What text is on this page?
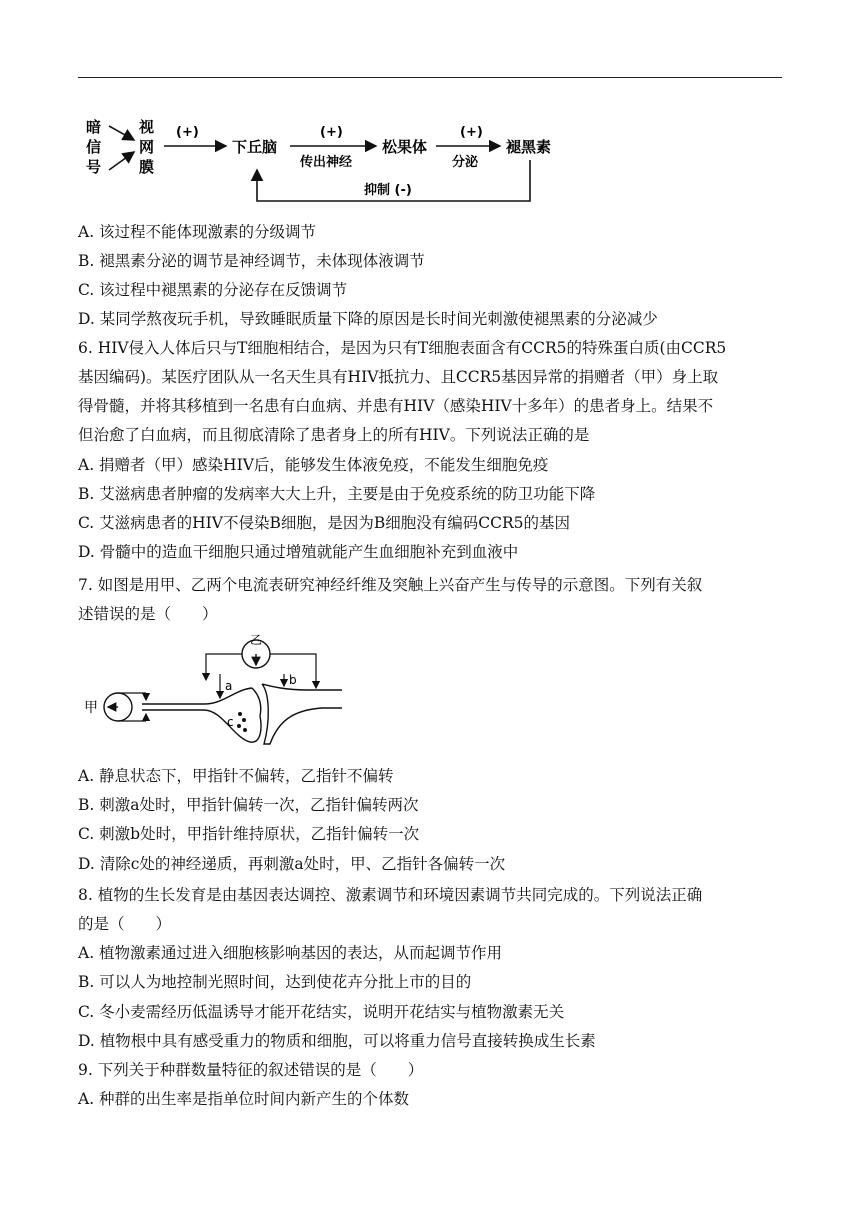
暗
信
号
视
网
膜
(+)
下丘脑
(+)
传出神经
松果体
(+)
分泌
褪黑素
抑制 (-)
A. 该过程不能体现激素的分级调节
B. 褪黑素分泌的调节是神经调节，未体现体液调节
C. 该过程中褪黑素的分泌存在反馈调节
D. 某同学熬夜玩手机，导致睡眠质量下降的原因是长时间光刺激使褪黑素的分泌减少
6. HIV侵入人体后只与T细胞相结合，是因为只有T细胞表面含有CCR5的特殊蛋白质(由CCR5
基因编码)。某医疗团队从一名天生具有HIV抵抗力、且CCR5基因异常的捐赠者（甲）身上取
得骨髓，并将其移植到一名患有白血病、并患有HIV（感染HIV十多年）的患者身上。结果不
但治愈了白血病，而且彻底清除了患者身上的所有HIV。下列说法正确的是
A. 捐赠者（甲）感染HIV后，能够发生体液免疫，不能发生细胞免疫
B. 艾滋病患者肿瘤的发病率大大上升，主要是由于免疫系统的防卫功能下降
C. 艾滋病患者的HIV不侵染B细胞，是因为B细胞没有编码CCR5的基因
D. 骨髓中的造血干细胞只通过增殖就能产生血细胞补充到血液中
7. 如图是用甲、乙两个电流表研究神经纤维及突触上兴奋产生与传导的示意图。下列有关叙
述错误的是（　　）
甲
乙
a	b
c
A. 静息状态下，甲指针不偏转，乙指针不偏转
B. 刺激a处时，甲指针偏转一次，乙指针偏转两次
C. 刺激b处时，甲指针维持原状，乙指针偏转一次
D. 清除c处的神经递质，再刺激a处时，甲、乙指针各偏转一次
8. 植物的生长发育是由基因表达调控、激素调节和环境因素调节共同完成的。下列说法正确
的是（　　）
A. 植物激素通过进入细胞核影响基因的表达，从而起调节作用
B. 可以人为地控制光照时间，达到使花卉分批上市的目的
C. 冬小麦需经历低温诱导才能开花结实，说明开花结实与植物激素无关
D. 植物根中具有感受重力的物质和细胞，可以将重力信号直接转换成生长素
9. 下列关于种群数量特征的叙述错误的是（　　）
A. 种群的出生率是指单位时间内新产生的个体数
